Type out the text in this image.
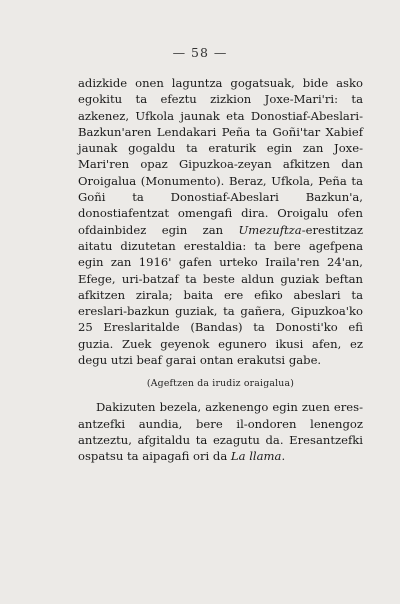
— 58 —

adizkide onen laguntza gogatsuak, bide asko egokitu ta efeztu zizkion Joxe-Mari'ri: ta azkenez, Ufkola jaunak eta Donostiaf-Abeslari-Bazkun'aren Lendakari Peña ta Goñi'tar Xabief jaunak gogaldu ta eraturik egin zan Joxe-Mari'ren opaz Gipuzkoa-zeyan afkitzen dan Oroigalua (Monumento). Beraz, Ufkola, Peña ta Goñi ta Donostiaf-Abeslari Bazkun'a, donostiafentzat omengafi dira. Oroigalu ofen ofdainbidez egin zan Umezuftza-erestitzaz aitatu dizutetan erestaldia: ta bere agefpena egin zan 1916' gafen urteko Iraila'ren 24'an, Efege, uri-batzaf ta beste aldun guziak beftan afkitzen zirala; baita ere efiko abeslari ta ereslari-bazkun guziak, ta gañera, Gipuzkoa'ko 25 Ereslaritalde (Bandas) ta Donosti'ko efi guzia. Zuek geyenok egunero ikusi afen, ez degu utzi beaf garai ontan erakutsi gabe.

(Ageftzen da irudiz oraigalua)

Dakizuten bezela, azkenengo egin zuen eres-antzefki aundia, bere il-ondoren lenengoz antzeztu, afgitaldu ta ezagutu da. Eresantzefki ospatsu ta aipagafi ori da La llama.
